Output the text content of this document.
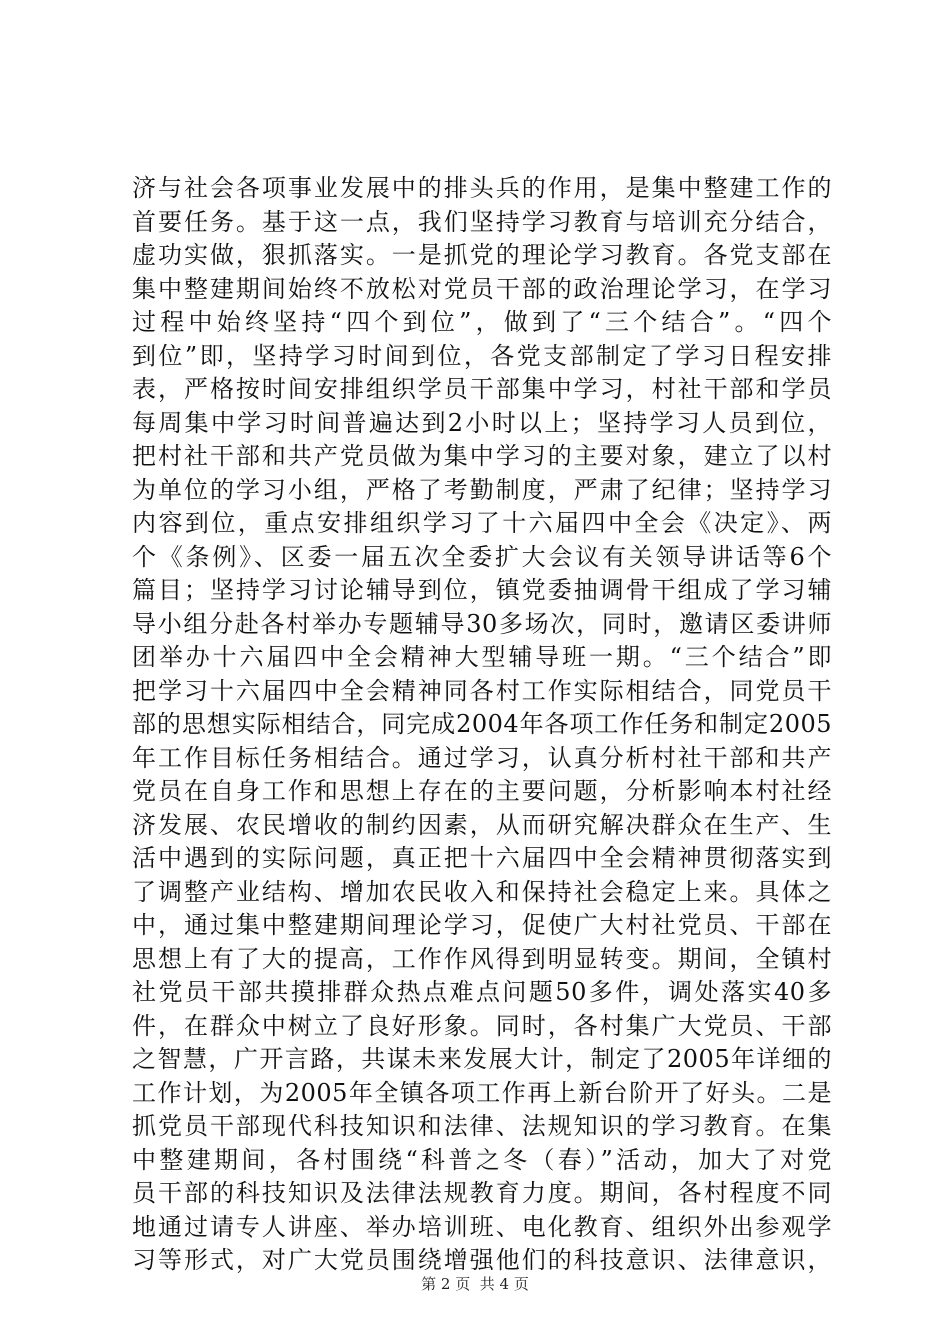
济与社会各项事业发展中的排头兵的作用，是集中整建工作的
首要任务。基于这一点，我们坚持学习教育与培训充分结合，
虚功实做，狠抓落实。一是抓党的理论学习教育。各党支部在
集中整建期间始终不放松对党员干部的政治理论学习，在学习
过程中始终坚持“四个到位”，做到了“三个结合”。“四个
到位”即，坚持学习时间到位，各党支部制定了学习日程安排
表，严格按时间安排组织学员干部集中学习，村社干部和学员
每周集中学习时间普遍达到2小时以上；坚持学习人员到位，
把村社干部和共产党员做为集中学习的主要对象，建立了以村
为单位的学习小组，严格了考勤制度，严肃了纪律；坚持学习
内容到位，重点安排组织学习了十六届四中全会《决定》、两
个《条例》、区委一届五次全委扩大会议有关领导讲话等6个
篇目；坚持学习讨论辅导到位，镇党委抽调骨干组成了学习辅
导小组分赴各村举办专题辅导30多场次，同时，邀请区委讲师
团举办十六届四中全会精神大型辅导班一期。“三个结合”即
把学习十六届四中全会精神同各村工作实际相结合，同党员干
部的思想实际相结合，同完成2004年各项工作任务和制定2005
年工作目标任务相结合。通过学习，认真分析村社干部和共产
党员在自身工作和思想上存在的主要问题，分析影响本村社经
济发展、农民增收的制约因素，从而研究解决群众在生产、生
活中遇到的实际问题，真正把十六届四中全会精神贯彻落实到
了调整产业结构、增加农民收入和保持社会稳定上来。具体之
中，通过集中整建期间理论学习，促使广大村社党员、干部在
思想上有了大的提高，工作作风得到明显转变。期间，全镇村
社党员干部共摸排群众热点难点问题50多件，调处落实40多
件，在群众中树立了良好形象。同时，各村集广大党员、干部
之智慧，广开言路，共谋未来发展大计，制定了2005年详细的
工作计划，为2005年全镇各项工作再上新台阶开了好头。二是
抓党员干部现代科技知识和法律、法规知识的学习教育。在集
中整建期间，各村围绕“科普之冬（春）”活动，加大了对党
员干部的科技知识及法律法规教育力度。期间，各村程度不同
地通过请专人讲座、举办培训班、电化教育、组织外出参观学
习等形式，对广大党员围绕增强他们的科技意识、法律意识，
第 2 页  共 4 页
